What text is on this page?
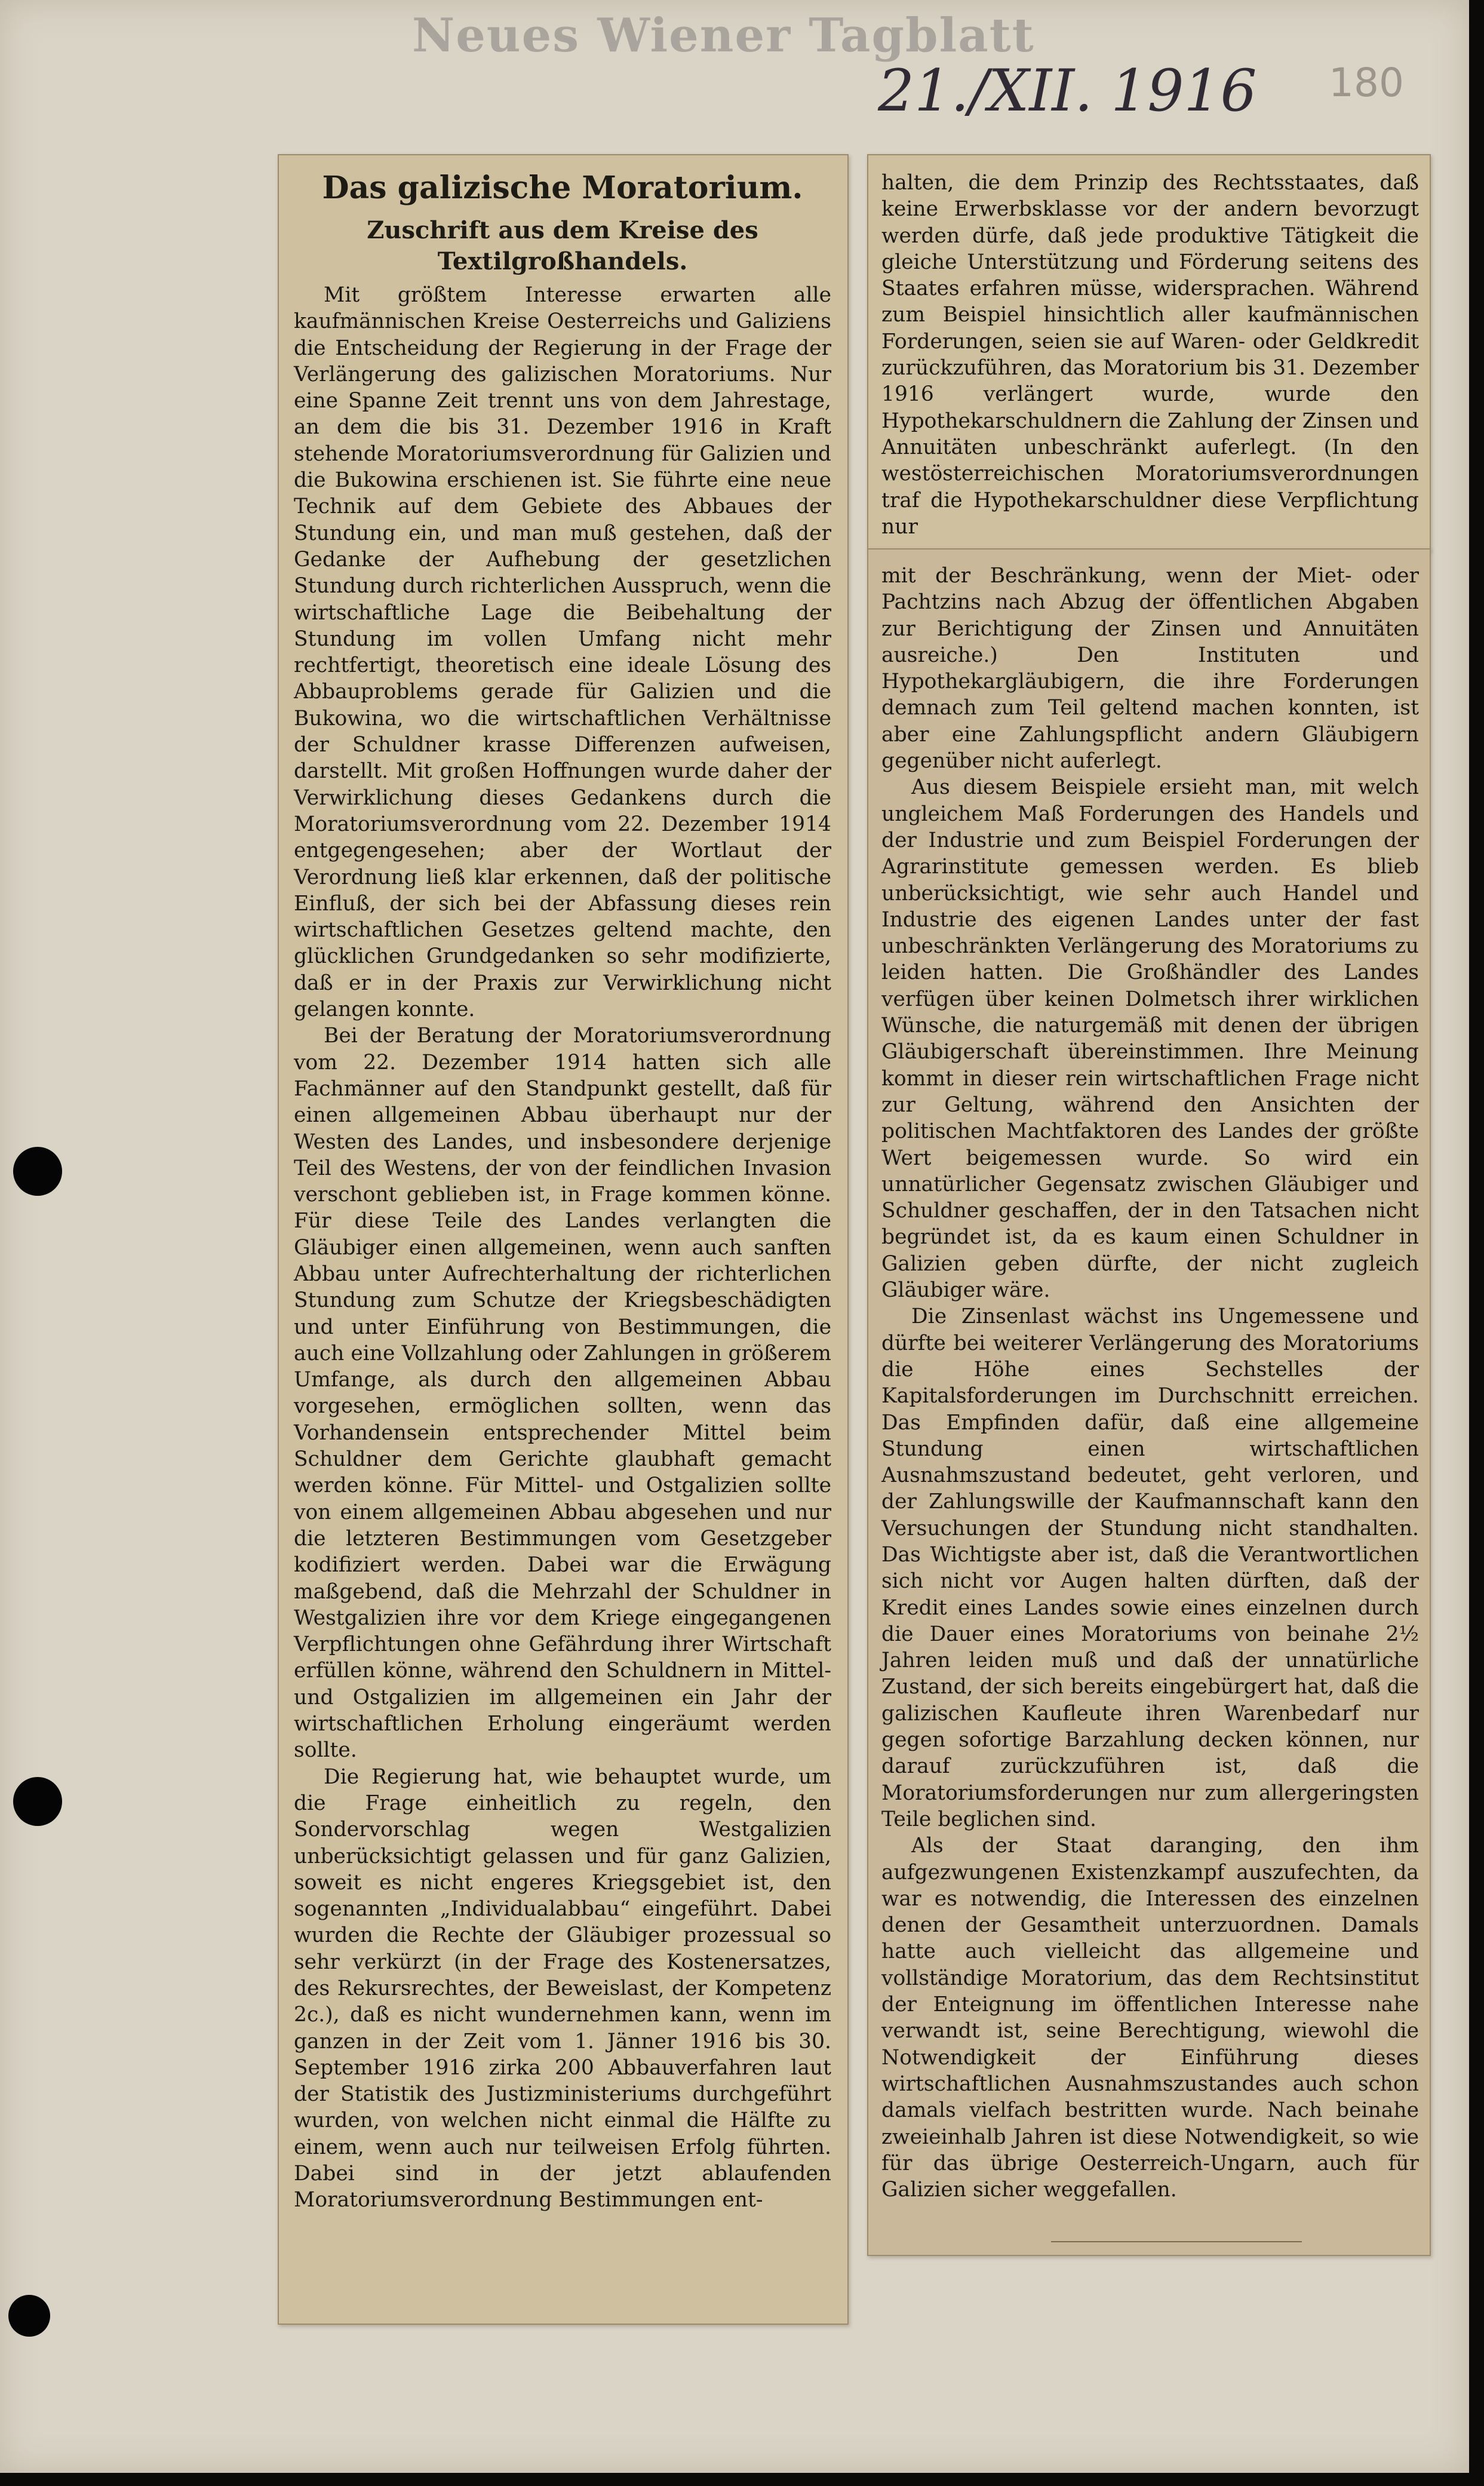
Neues Wiener Tagblatt
21./XII. 1916 180
Das galizische Moratorium.
Zuschrift aus dem Kreise des Textilgroßhandels.

Mit größtem Interesse erwarten alle kaufmännischen Kreise Oesterreichs und Galiziens die Entscheidung der Regierung in der Frage der Verlängerung des galizischen Moratoriums. Nur eine Spanne Zeit trennt uns von dem Jahrestage, an dem die bis 31. Dezember 1916 in Kraft stehende Moratoriumsverordnung für Galizien und die Bukowina erschienen ist. Sie führte eine neue Technik auf dem Gebiete des Abbaues der Stundung ein, und man muß gestehen, daß der Gedanke der Aufhebung der gesetzlichen Stundung durch richterlichen Ausspruch, wenn die wirtschaftliche Lage die Beibehaltung der Stundung im vollen Umfang nicht mehr rechtfertigt, theoretisch eine ideale Lösung des Abbauproblems gerade für Galizien und die Bukowina, wo die wirtschaftlichen Verhältnisse der Schuldner krasse Differenzen aufweisen, darstellt. Mit großen Hoffnungen wurde daher der Verwirklichung dieses Gedankens durch die Moratoriumsverordnung vom 22. Dezember 1914 entgegengesehen; aber der Wortlaut der Verordnung ließ klar erkennen, daß der politische Einfluß, der sich bei der Abfassung dieses rein wirtschaftlichen Gesetzes geltend machte, den glücklichen Grundgedanken so sehr modifizierte, daß er in der Praxis zur Verwirklichung nicht gelangen konnte.

Bei der Beratung der Moratoriumsverordnung vom 22. Dezember 1914 hatten sich alle Fachmänner auf den Standpunkt gestellt, daß für einen allgemeinen Abbau überhaupt nur der Westen des Landes, und insbesondere derjenige Teil des Westens, der von der feindlichen Invasion verschont geblieben ist, in Frage kommen könne. Für diese Teile des Landes verlangten die Gläubiger einen allgemeinen, wenn auch sanften Abbau unter Aufrechterhaltung der richterlichen Stundung zum Schutze der Kriegsbeschädigten und unter Einführung von Bestimmungen, die auch eine Vollzahlung oder Zahlungen in größerem Umfange, als durch den allgemeinen Abbau vorgesehen, ermöglichen sollten, wenn das Vorhandensein entsprechender Mittel beim Schuldner dem Gerichte glaubhaft gemacht werden könne. Für Mittel- und Ostgalizien sollte von einem allgemeinen Abbau abgesehen und nur die letzteren Bestimmungen vom Gesetzgeber kodifiziert werden. Dabei war die Erwägung maßgebend, daß die Mehrzahl der Schuldner in Westgalizien ihre vor dem Kriege eingegangenen Verpflichtungen ohne Gefährdung ihrer Wirtschaft erfüllen könne, während den Schuldnern in Mittel- und Ostgalizien im allgemeinen ein Jahr der wirtschaftlichen Erholung eingeräumt werden sollte.

Die Regierung hat, wie behauptet wurde, um die Frage einheitlich zu regeln, den Sondervorschlag wegen Westgalizien unberücksichtigt gelassen und für ganz Galizien, soweit es nicht engeres Kriegsgebiet ist, den sogenannten „Individualabbau“ eingeführt. Dabei wurden die Rechte der Gläubiger prozessual so sehr verkürzt (in der Frage des Kostenersatzes, des Rekursrechtes, der Beweislast, der Kompetenz 2c.), daß es nicht wundernehmen kann, wenn im ganzen in der Zeit vom 1. Jänner 1916 bis 30. September 1916 zirka 200 Abbauverfahren laut der Statistik des Justizministeriums durchgeführt wurden, von welchen nicht einmal die Hälfte zu einem, wenn auch nur teilweisen Erfolg führten. Dabei sind in der jetzt ablaufenden Moratoriumsverordnung Bestimmungen ent-

halten, die dem Prinzip des Rechtsstaates, daß keine Erwerbsklasse vor der andern bevorzugt werden dürfe, daß jede produktive Tätigkeit die gleiche Unterstützung und Förderung seitens des Staates erfahren müsse, widersprachen. Während zum Beispiel hinsichtlich aller kaufmännischen Forderungen, seien sie auf Waren- oder Geldkredit zurückzuführen, das Moratorium bis 31. Dezember 1916 verlängert wurde, wurde den Hypothekarschuldnern die Zahlung der Zinsen und Annuitäten unbeschränkt auferlegt. (In den westösterreichischen Moratoriumsverordnungen traf die Hypothekarschuldner diese Verpflichtung nur

mit der Beschränkung, wenn der Miet- oder Pachtzins nach Abzug der öffentlichen Abgaben zur Berichtigung der Zinsen und Annuitäten ausreiche.) Den Instituten und Hypothekargläubigern, die ihre Forderungen demnach zum Teil geltend machen konnten, ist aber eine Zahlungspflicht andern Gläubigern gegenüber nicht auferlegt.

Aus diesem Beispiele ersieht man, mit welch ungleichem Maß Forderungen des Handels und der Industrie und zum Beispiel Forderungen der Agrarinstitute gemessen werden. Es blieb unberücksichtigt, wie sehr auch Handel und Industrie des eigenen Landes unter der fast unbeschränkten Verlängerung des Moratoriums zu leiden hatten. Die Großhändler des Landes verfügen über keinen Dolmetsch ihrer wirklichen Wünsche, die naturgemäß mit denen der übrigen Gläubigerschaft übereinstimmen. Ihre Meinung kommt in dieser rein wirtschaftlichen Frage nicht zur Geltung, während den Ansichten der politischen Machtfaktoren des Landes der größte Wert beigemessen wurde. So wird ein unnatürlicher Gegensatz zwischen Gläubiger und Schuldner geschaffen, der in den Tatsachen nicht begründet ist, da es kaum einen Schuldner in Galizien geben dürfte, der nicht zugleich Gläubiger wäre.

Die Zinsenlast wächst ins Ungemessene und dürfte bei weiterer Verlängerung des Moratoriums die Höhe eines Sechstelles der Kapitalsforderungen im Durchschnitt erreichen. Das Empfinden dafür, daß eine allgemeine Stundung einen wirtschaftlichen Ausnahmszustand bedeutet, geht verloren, und der Zahlungswille der Kaufmannschaft kann den Versuchungen der Stundung nicht standhalten. Das Wichtigste aber ist, daß die Verantwortlichen sich nicht vor Augen halten dürften, daß der Kredit eines Landes sowie eines einzelnen durch die Dauer eines Moratoriums von beinahe 2½ Jahren leiden muß und daß der unnatürliche Zustand, der sich bereits eingebürgert hat, daß die galizischen Kaufleute ihren Warenbedarf nur gegen sofortige Barzahlung decken können, nur darauf zurückzuführen ist, daß die Moratoriumsforderungen nur zum allergeringsten Teile beglichen sind.

Als der Staat daranging, den ihm aufgezwungenen Existenzkampf auszufechten, da war es notwendig, die Interessen des einzelnen denen der Gesamtheit unterzuordnen. Damals hatte auch vielleicht das allgemeine und vollständige Moratorium, das dem Rechtsinstitut der Enteignung im öffentlichen Interesse nahe verwandt ist, seine Berechtigung, wiewohl die Notwendigkeit der Einführung dieses wirtschaftlichen Ausnahmszustandes auch schon damals vielfach bestritten wurde. Nach beinahe zweieinhalb Jahren ist diese Notwendigkeit, so wie für das übrige Oesterreich-Ungarn, auch für Galizien sicher weggefallen.
